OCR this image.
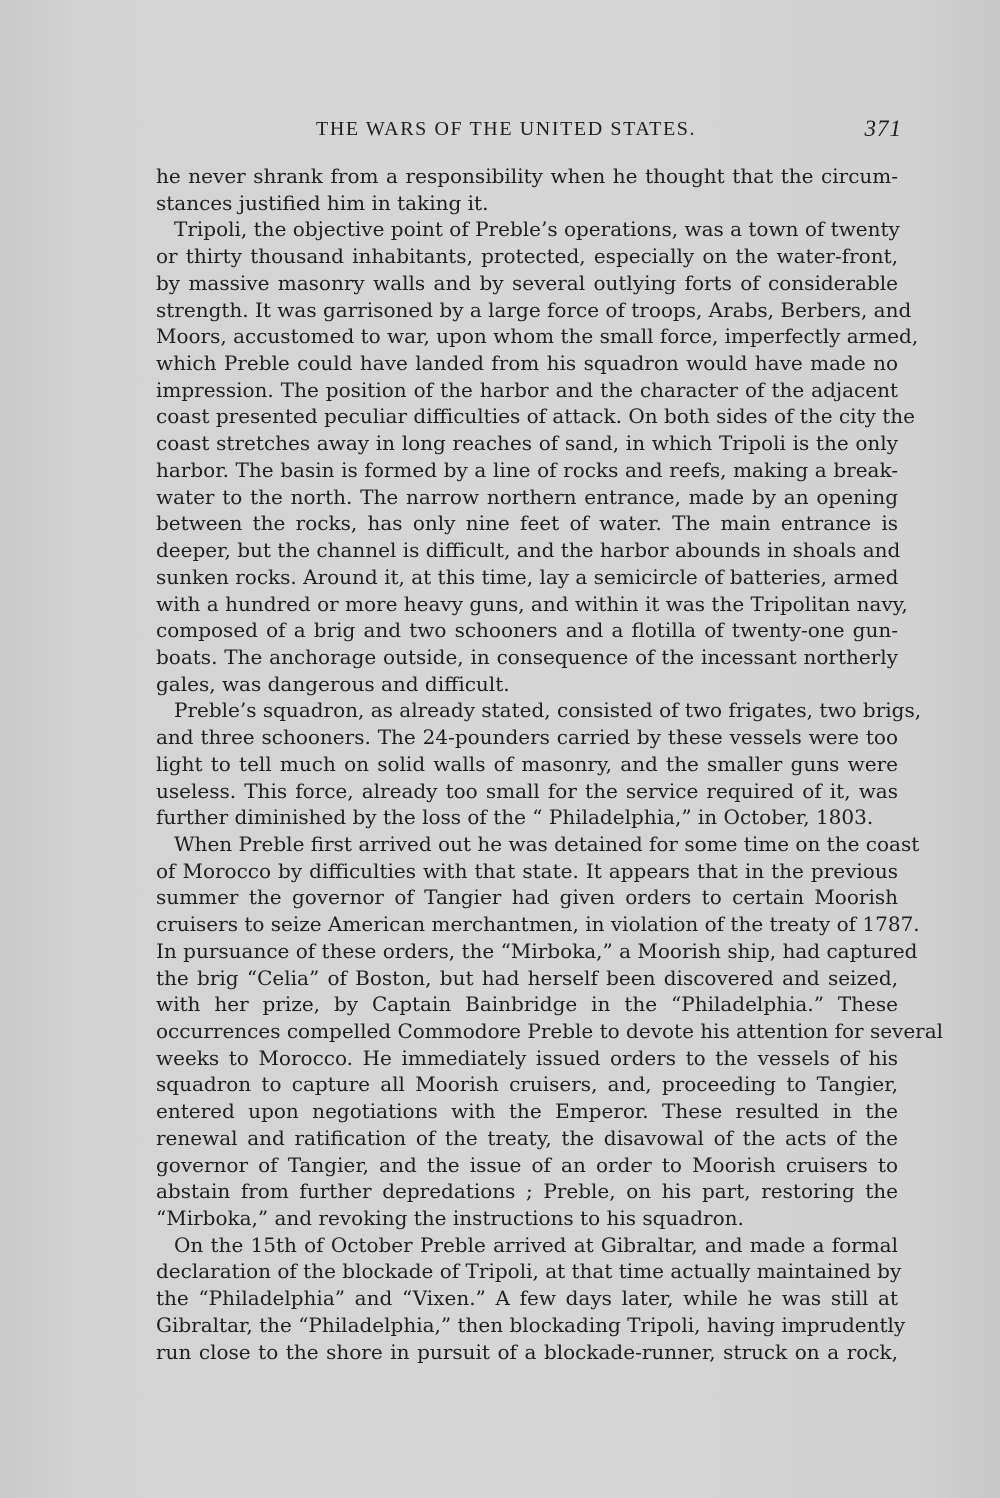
THE WARS OF THE UNITED STATES.	371
he never shrank from a responsibility when he thought that the circum-
stances justified him in taking it.
Tripoli, the objective point of Preble’s operations, was a town of twenty
or thirty thousand inhabitants, protected, especially on the water-front,
by massive masonry walls and by several outlying forts of considerable
strength. It was garrisoned by a large force of troops, Arabs, Berbers, and
Moors, accustomed to war, upon whom the small force, imperfectly armed,
which Preble could have landed from his squadron would have made no
impression. The position of the harbor and the character of the adjacent
coast presented peculiar difficulties of attack. On both sides of the city the
coast stretches away in long reaches of sand, in which Tripoli is the only
harbor. The basin is formed by a line of rocks and reefs, making a break-
water to the north. The narrow northern entrance, made by an opening
between the rocks, has only nine feet of water. The main entrance is
deeper, but the channel is difficult, and the harbor abounds in shoals and
sunken rocks. Around it, at this time, lay a semicircle of batteries, armed
with a hundred or more heavy guns, and within it was the Tripolitan navy,
composed of a brig and two schooners and a flotilla of twenty-one gun-
boats. The anchorage outside, in consequence of the incessant northerly
gales, was dangerous and difficult.
Preble’s squadron, as already stated, consisted of two frigates, two brigs,
and three schooners. The 24-pounders carried by these vessels were too
light to tell much on solid walls of masonry, and the smaller guns were
useless. This force, already too small for the service required of it, was
further diminished by the loss of the “ Philadelphia,” in October, 1803.
When Preble first arrived out he was detained for some time on the coast
of Morocco by difficulties with that state. It appears that in the previous
summer the governor of Tangier had given orders to certain Moorish
cruisers to seize American merchantmen, in violation of the treaty of 1787.
In pursuance of these orders, the “Mirboka,” a Moorish ship, had captured
the brig “Celia” of Boston, but had herself been discovered and seized,
with her prize, by Captain Bainbridge in the “Philadelphia.” These
occurrences compelled Commodore Preble to devote his attention for several
weeks to Morocco. He immediately issued orders to the vessels of his
squadron to capture all Moorish cruisers, and, proceeding to Tangier,
entered upon negotiations with the Emperor. These resulted in the
renewal and ratification of the treaty, the disavowal of the acts of the
governor of Tangier, and the issue of an order to Moorish cruisers to
abstain from further depredations ; Preble, on his part, restoring the
“Mirboka,” and revoking the instructions to his squadron.
On the 15th of October Preble arrived at Gibraltar, and made a formal
declaration of the blockade of Tripoli, at that time actually maintained by
the “Philadelphia” and “Vixen.” A few days later, while he was still at
Gibraltar, the “Philadelphia,” then blockading Tripoli, having imprudently
run close to the shore in pursuit of a blockade-runner, struck on a rock,
